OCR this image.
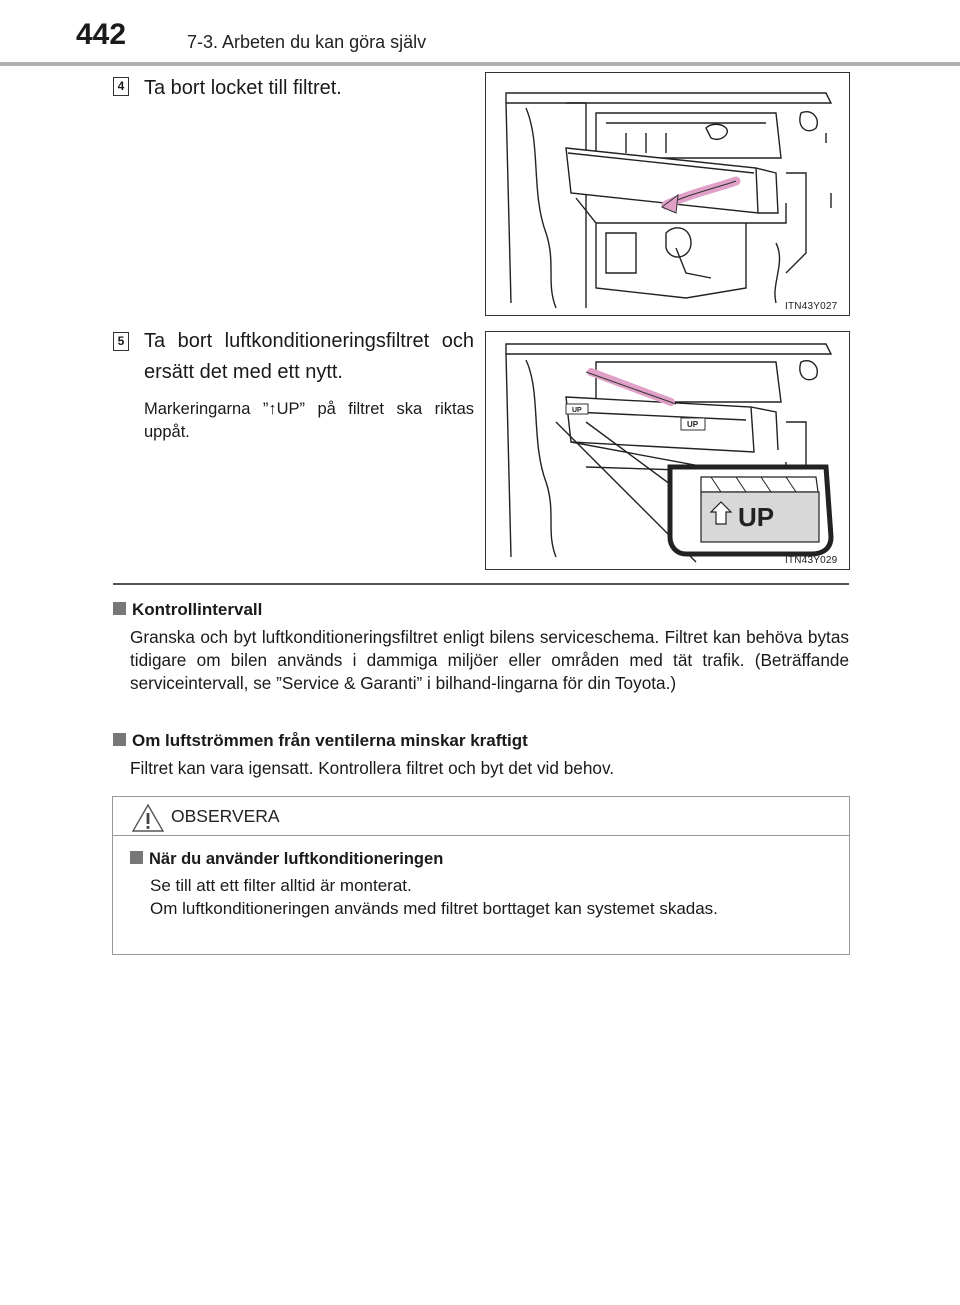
442	7-3. Arbeten du kan göra själv
4 Ta bort locket till filtret.
ITN43Y027
5 Ta bort luftkonditioneringsfiltret och ersätt det med ett nytt.
Markeringarna ”↑UP” på filtret ska riktas uppåt.
UP
UP
UP
ITN43Y029
Kontrollintervall
Granska och byt luftkonditioneringsfiltret enligt bilens serviceschema. Filtret kan behöva bytas tidigare om bilen används i dammiga miljöer eller områden med tät trafik. (Beträffande serviceintervall, se ”Service & Garanti” i bilhand-lingarna för din Toyota.)
Om luftströmmen från ventilerna minskar kraftigt
Filtret kan vara igensatt. Kontrollera filtret och byt det vid behov.
OBSERVERA
När du använder luftkonditioneringen
Se till att ett filter alltid är monterat.
Om luftkonditioneringen används med filtret borttaget kan systemet skadas.
